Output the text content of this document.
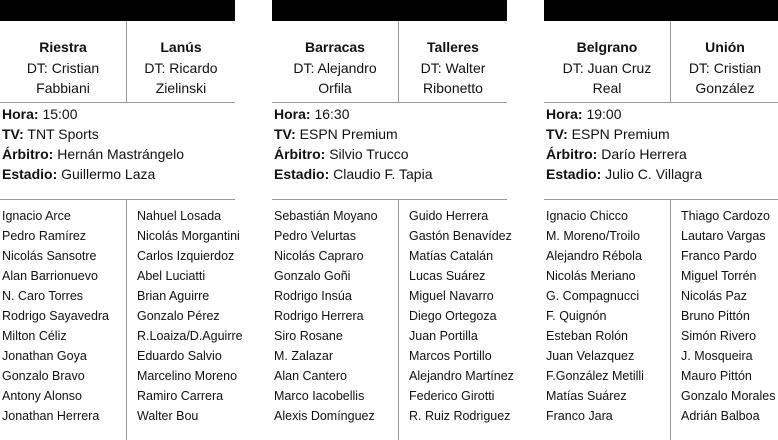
Riestra
DT: Cristian
Fabbiani
Lanús
DT: Ricardo
Zielinski
Hora: 15:00
TV: TNT Sports
Árbitro: Hernán Mastrángelo
Estadio: Guillermo Laza
Ignacio Arce
Pedro Ramírez
Nicolás Sansotre
Alan Barrionuevo
N. Caro Torres
Rodrigo Sayavedra
Milton Céliz
Jonathan Goya
Gonzalo Bravo
Antony Alonso
Jonathan Herrera
Nahuel Losada
Nicolás Morgantini
Carlos Izquierdoz
Abel Luciatti
Brian Aguirre
Gonzalo Pérez
R.Loaiza/D.Aguirre
Eduardo Salvio
Marcelino Moreno
Ramiro Carrera
Walter Bou
Barracas
DT: Alejandro
Orfila
Talleres
DT: Walter
Ribonetto
Hora: 16:30
TV: ESPN Premium
Árbitro: Silvio Trucco
Estadio: Claudio F. Tapia
Sebastián Moyano
Pedro Velurtas
Nicolás Capraro
Gonzalo Goñi
Rodrigo Insúa
Rodrigo Herrera
Siro Rosane
M. Zalazar
Alan Cantero
Marco Iacobellis
Alexis Domínguez
Guido Herrera
Gastón Benavídez
Matías Catalán
Lucas Suárez
Miguel Navarro
Diego Ortegoza
Juan Portilla
Marcos Portillo
Alejandro Martínez
Federico Girotti
R. Ruiz Rodriguez
Belgrano
DT: Juan Cruz
Real
Unión
DT: Cristian
González
Hora: 19:00
TV: ESPN Premium
Árbitro: Darío Herrera
Estadio: Julio C. Villagra
Ignacio Chicco
M. Moreno/Troilo
Alejandro Rébola
Nicolás Meriano
G. Compagnucci
F. Quignón
Esteban Rolón
Juan Velazquez
F.González Metilli
Matías Suárez
Franco Jara
Thiago Cardozo
Lautaro Vargas
Franco Pardo
Miguel Torrén
Nicolás Paz
Bruno Pittón
Simón Rivero
J. Mosqueira
Mauro Pittón
Gonzalo Morales
Adrián Balboa
